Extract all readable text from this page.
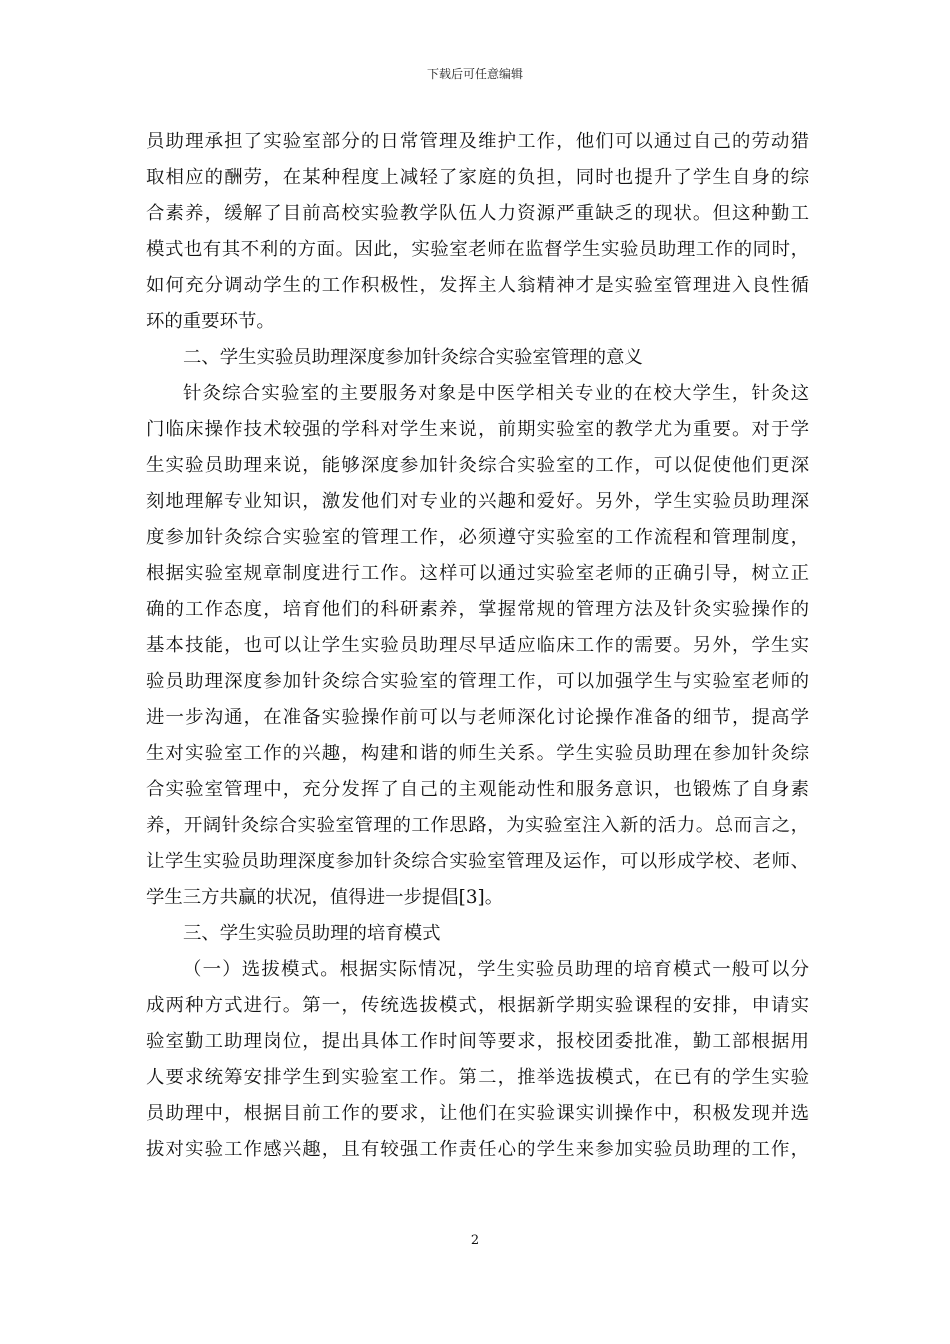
下载后可任意编辑
员助理承担了实验室部分的日常管理及维护工作，他们可以通过自己的劳动猎
取相应的酬劳，在某种程度上减轻了家庭的负担，同时也提升了学生自身的综
合素养，缓解了目前高校实验教学队伍人力资源严重缺乏的现状。但这种勤工
模式也有其不利的方面。因此，实验室老师在监督学生实验员助理工作的同时，
如何充分调动学生的工作积极性，发挥主人翁精神才是实验室管理进入良性循
环的重要环节。
二、学生实验员助理深度参加针灸综合实验室管理的意义
针灸综合实验室的主要服务对象是中医学相关专业的在校大学生，针灸这
门临床操作技术较强的学科对学生来说，前期实验室的教学尤为重要。对于学
生实验员助理来说，能够深度参加针灸综合实验室的工作，可以促使他们更深
刻地理解专业知识，激发他们对专业的兴趣和爱好。另外，学生实验员助理深
度参加针灸综合实验室的管理工作，必须遵守实验室的工作流程和管理制度，
根据实验室规章制度进行工作。这样可以通过实验室老师的正确引导，树立正
确的工作态度，培育他们的科研素养，掌握常规的管理方法及针灸实验操作的
基本技能，也可以让学生实验员助理尽早适应临床工作的需要。另外，学生实
验员助理深度参加针灸综合实验室的管理工作，可以加强学生与实验室老师的
进一步沟通，在准备实验操作前可以与老师深化讨论操作准备的细节，提高学
生对实验室工作的兴趣，构建和谐的师生关系。学生实验员助理在参加针灸综
合实验室管理中，充分发挥了自己的主观能动性和服务意识，也锻炼了自身素
养，开阔针灸综合实验室管理的工作思路，为实验室注入新的活力。总而言之，
让学生实验员助理深度参加针灸综合实验室管理及运作，可以形成学校、老师、
学生三方共赢的状况，值得进一步提倡[3]。
三、学生实验员助理的培育模式
（一）选拔模式。根据实际情况，学生实验员助理的培育模式一般可以分
成两种方式进行。第一，传统选拔模式，根据新学期实验课程的安排，申请实
验室勤工助理岗位，提出具体工作时间等要求，报校团委批准，勤工部根据用
人要求统筹安排学生到实验室工作。第二，推举选拔模式，在已有的学生实验
员助理中，根据目前工作的要求，让他们在实验课实训操作中，积极发现并选
拔对实验工作感兴趣，且有较强工作责任心的学生来参加实验员助理的工作，
2
